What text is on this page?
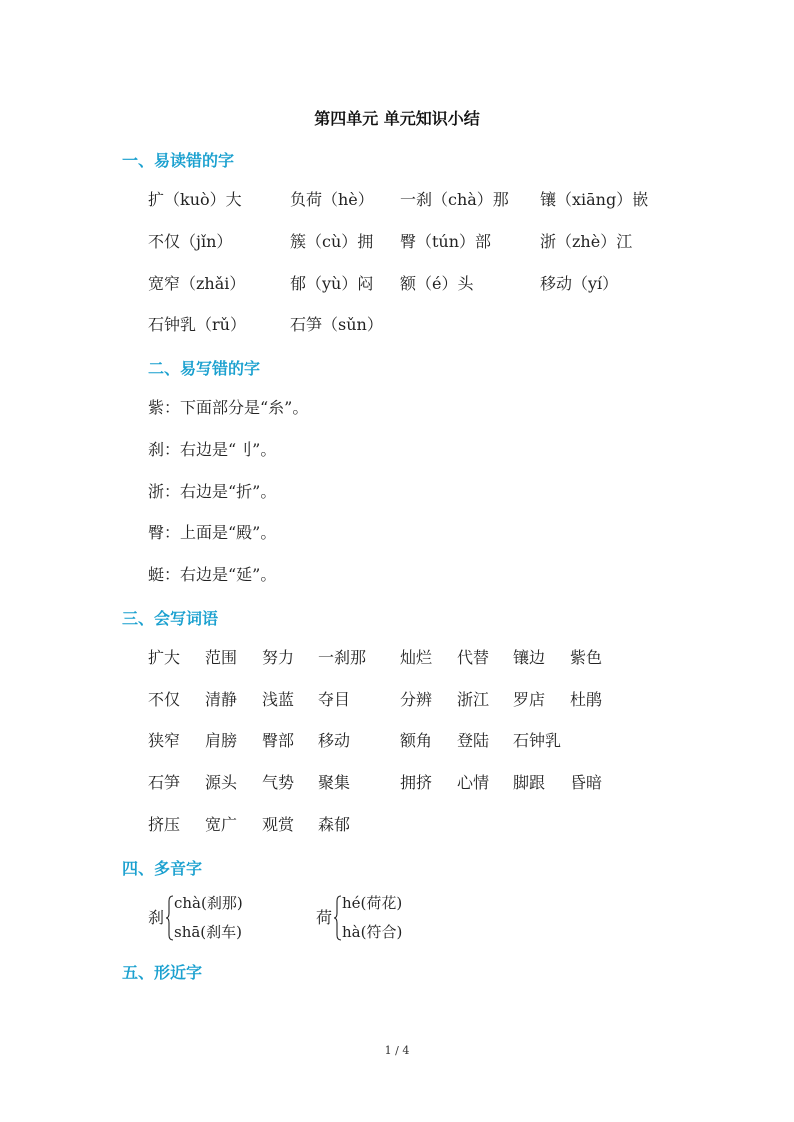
第四单元 单元知识小结
一、易读错的字
扩（kuò）大	负荷（hè） 一刹（chà）那 镶（xiāng）嵌
不仅（jǐn）	簇（cù）拥 臀（tún）部	浙（zhè）江
宽窄（zhǎi）	郁（yù）闷 额（é）头	移动（yí）
石钟乳（rǔ）	石笋（sǔn）
二、易写错的字
紫：下面部分是“糸”。
刹：右边是“刂”。
浙：右边是“折”。
臀：上面是“殿”。
蜓：右边是“延”。
三、会写词语
扩大 范围 努力 一刹那 灿烂 代替 镶边 紫色
不仅 清静 浅蓝 夺目	分辨 浙江 罗店 杜鹃
狭窄 肩膀 臀部 移动	额角 登陆 石钟乳
石笋 源头 气势 聚集	拥挤 心情 脚跟 昏暗
挤压 宽广 观赏 森郁
四、多音字
刹
chà(刹那)
shā(刹车)
荷
hé(荷花)
hà(符合)
五、形近字
1 / 4
